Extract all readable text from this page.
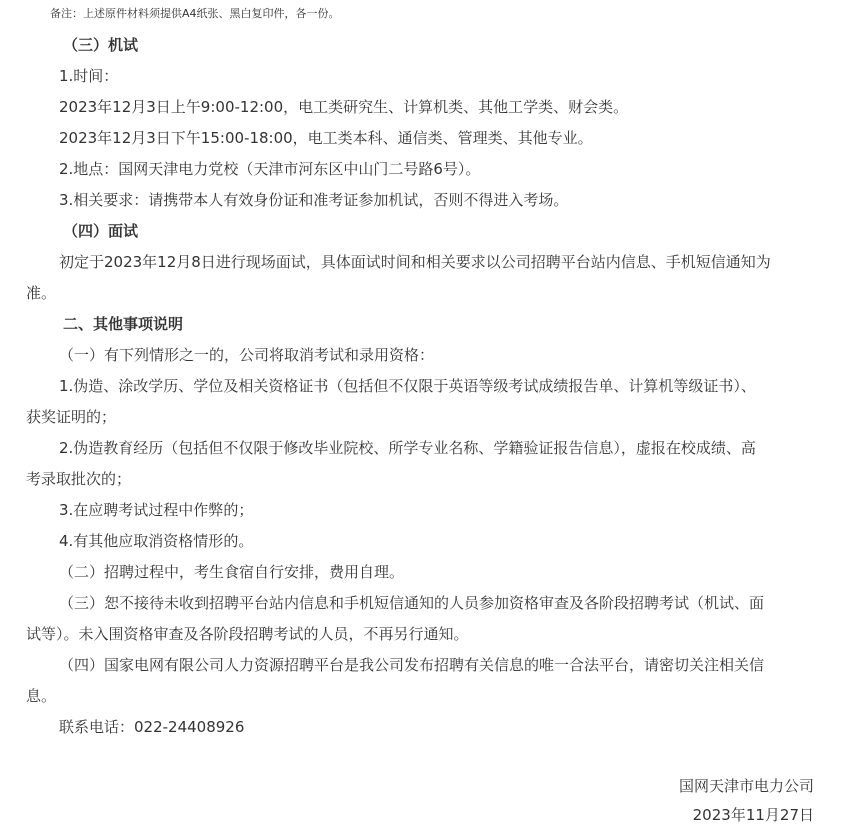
备注：上述原件材料须提供A4纸张、黑白复印件，各一份。

（三）机试

1.时间：

2023年12月3日上午9:00-12:00，电工类研究生、计算机类、其他工学类、财会类。

2023年12月3日下午15:00-18:00，电工类本科、通信类、管理类、其他专业。

2.地点：国网天津电力党校（天津市河东区中山门二号路6号）。

3.相关要求：请携带本人有效身份证和准考证参加机试，否则不得进入考场。

（四）面试

初定于2023年12月8日进行现场面试，具体面试时间和相关要求以公司招聘平台站内信息、手机短信通知为

准。

二、其他事项说明

（一）有下列情形之一的，公司将取消考试和录用资格：

1.伪造、涂改学历、学位及相关资格证书（包括但不仅限于英语等级考试成绩报告单、计算机等级证书）、

获奖证明的；

2.伪造教育经历（包括但不仅限于修改毕业院校、所学专业名称、学籍验证报告信息），虚报在校成绩、高

考录取批次的；

3.在应聘考试过程中作弊的；

4.有其他应取消资格情形的。

（二）招聘过程中，考生食宿自行安排，费用自理。

（三）恕不接待未收到招聘平台站内信息和手机短信通知的人员参加资格审查及各阶段招聘考试（机试、面

试等）。未入围资格审查及各阶段招聘考试的人员，不再另行通知。

（四）国家电网有限公司人力资源招聘平台是我公司发布招聘有关信息的唯一合法平台，请密切关注相关信

息。

联系电话：022-24408926

国网天津市电力公司
2023年11月27日
